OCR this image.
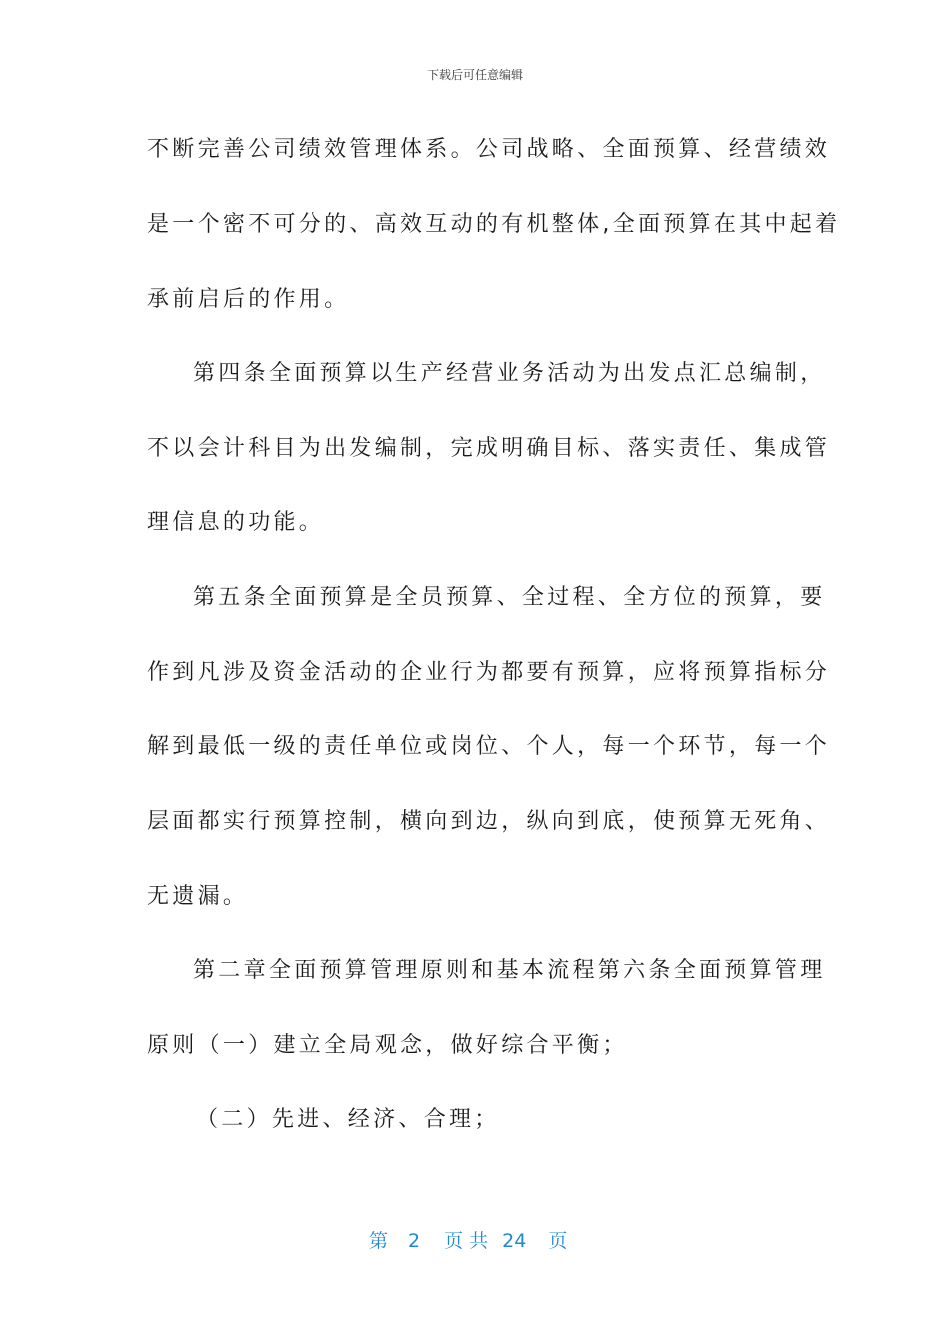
下载后可任意编辑
不断完善公司绩效管理体系。公司战略、全面预算、经营绩效
是一个密不可分的、高效互动的有机整体,全面预算在其中起着
承前启后的作用。
第四条全面预算以生产经营业务活动为出发点汇总编制，
不以会计科目为出发编制，完成明确目标、落实责任、集成管
理信息的功能。
第五条全面预算是全员预算、全过程、全方位的预算，要
作到凡涉及资金活动的企业行为都要有预算，应将预算指标分
解到最低一级的责任单位或岗位、个人，每一个环节，每一个
层面都实行预算控制，横向到边，纵向到底，使预算无死角、
无遗漏。
第二章全面预算管理原则和基本流程第六条全面预算管理
原则（一）建立全局观念，做好综合平衡；
（二）先进、经济、合理；
第 2 页 共 24 页
